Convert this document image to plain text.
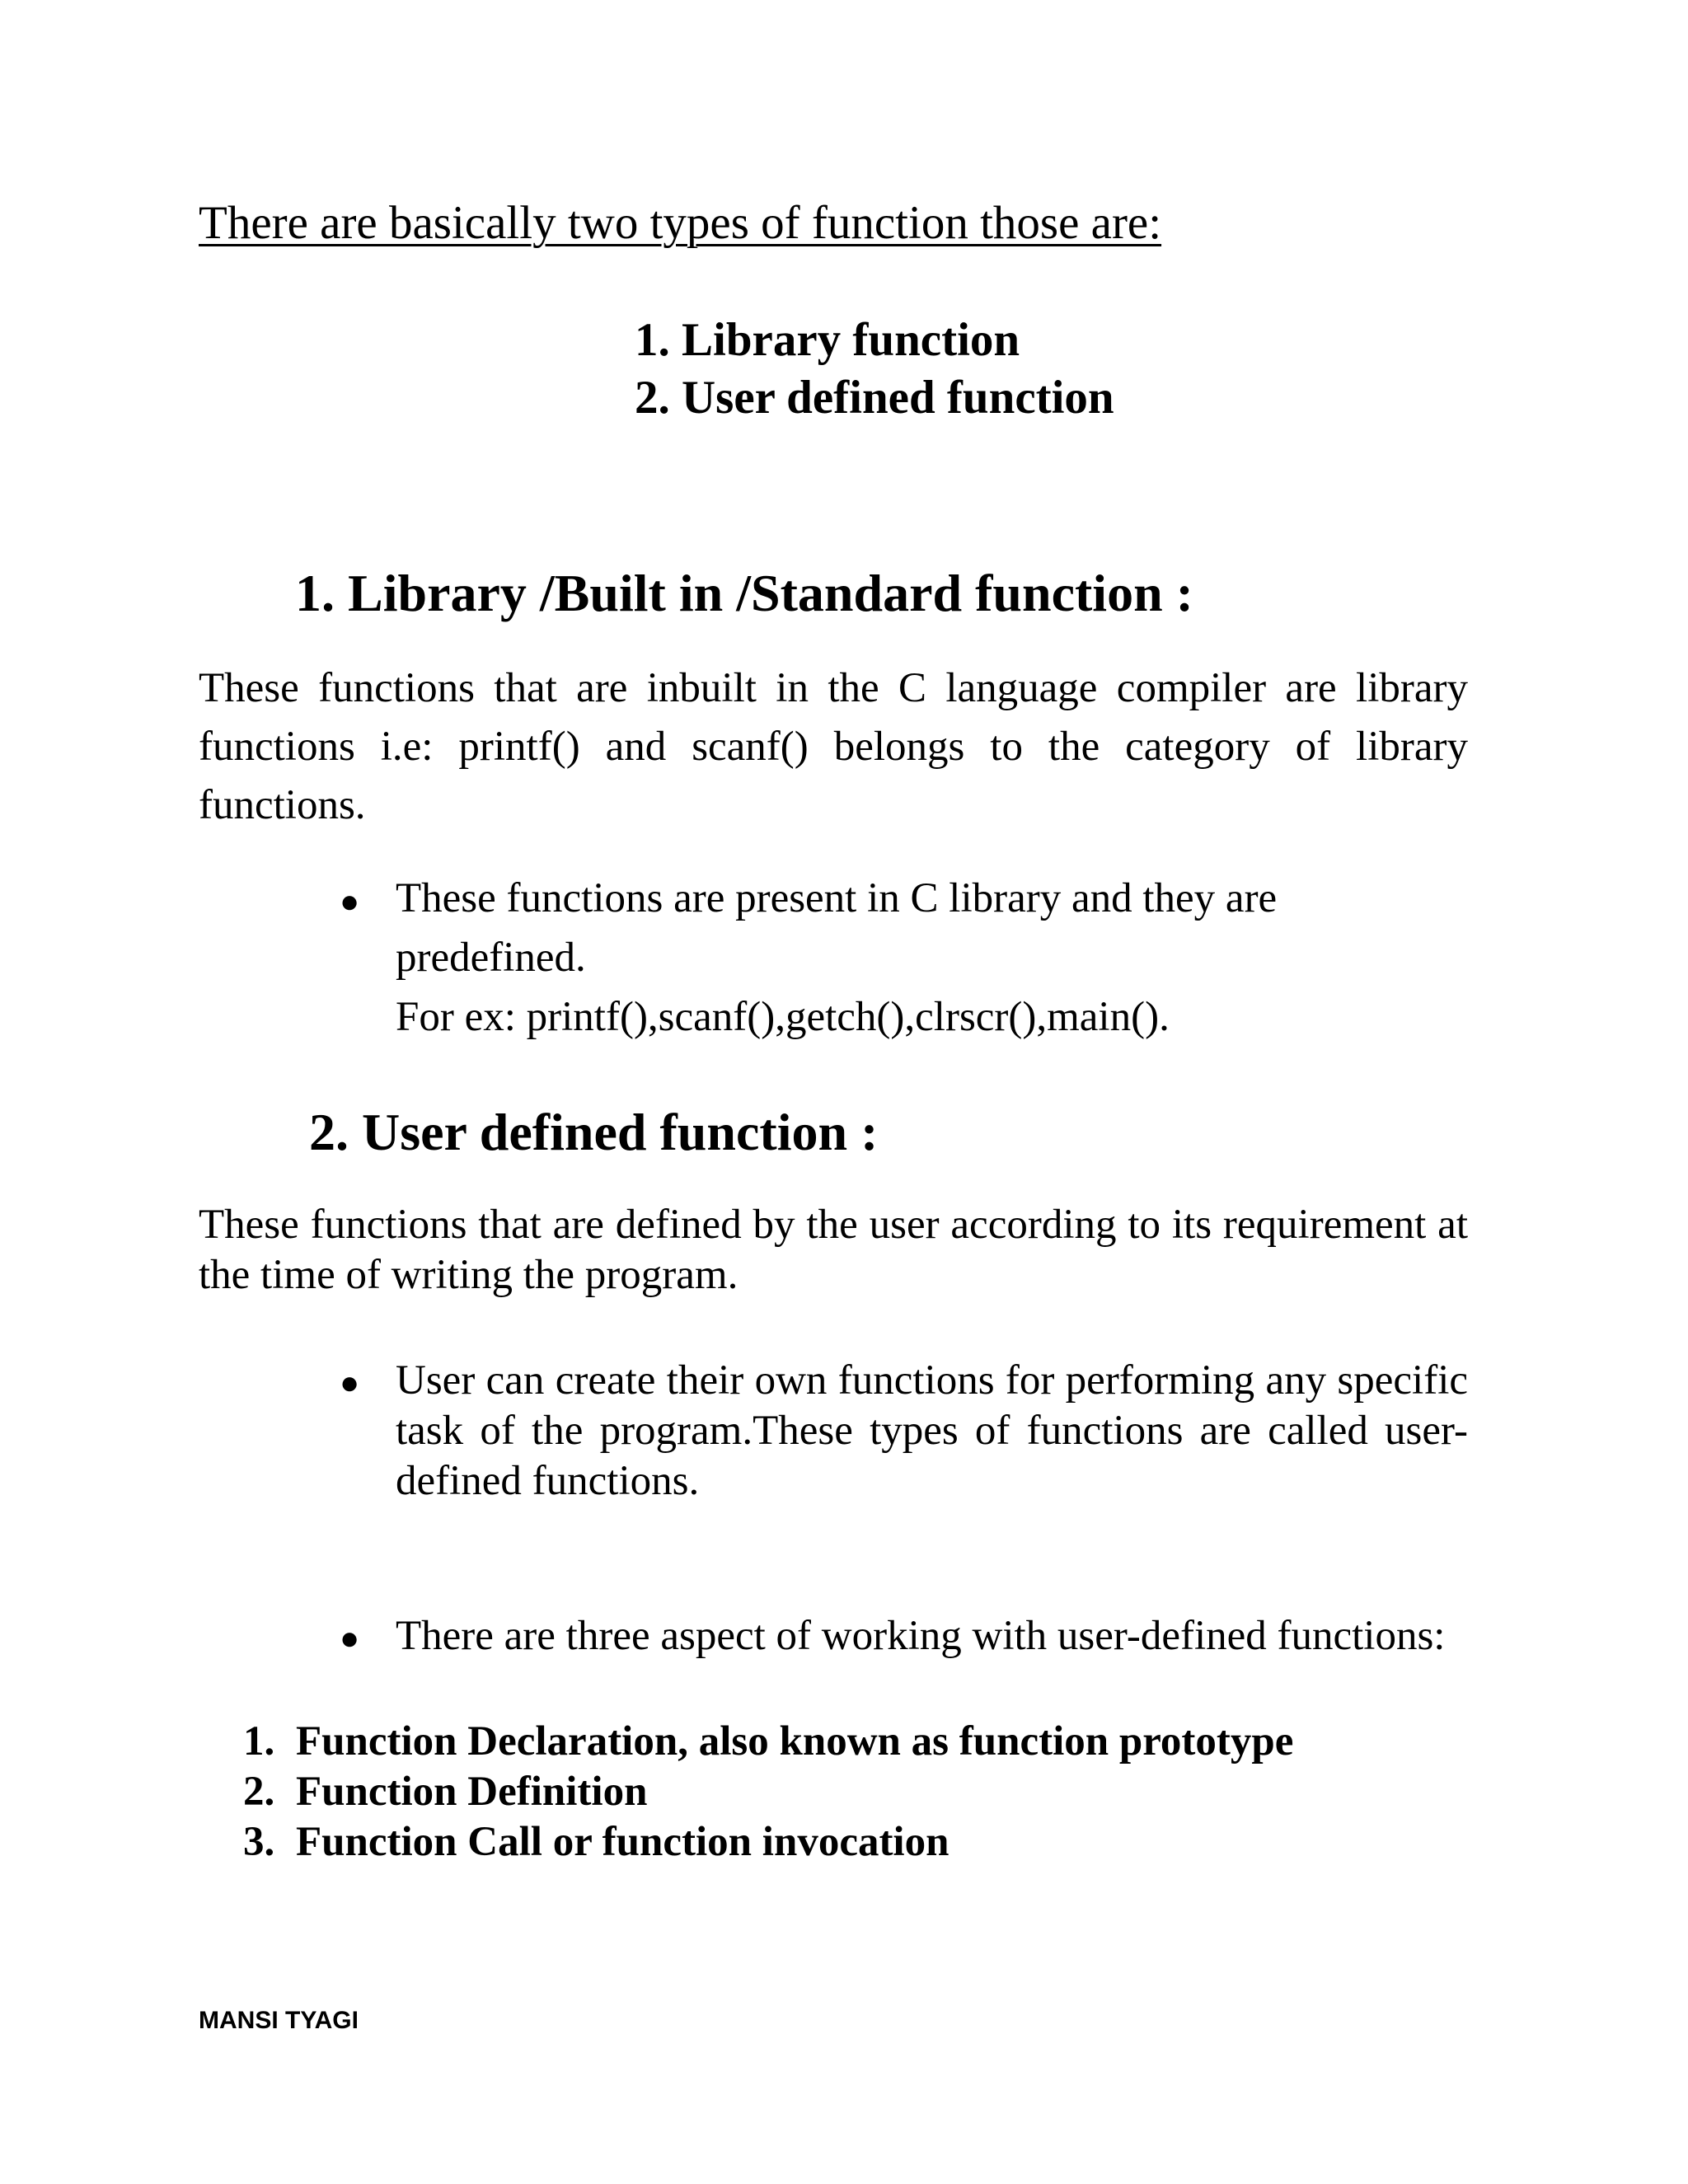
There are basically two types of function those are:

1. Library function
2. User defined function
1. Library /Built in /Standard function :

These functions that are inbuilt in the C language compiler are library functions i.e: printf() and scanf() belongs to the category of library functions.

● These functions are present in C library and they are
predefined.
For ex: printf(),scanf(),getch(),clrscr(),main().
2. User defined function :

These functions that are defined by the user according to its requirement at the time of writing the program.

● User can create their own functions for performing any specific task of the program.These types of functions are called user-defined functions.
● There are three aspect of working with user-defined functions:
1. Function Declaration, also known as function prototype
2. Function Definition
3. Function Call or function invocation
MANSI TYAGI
